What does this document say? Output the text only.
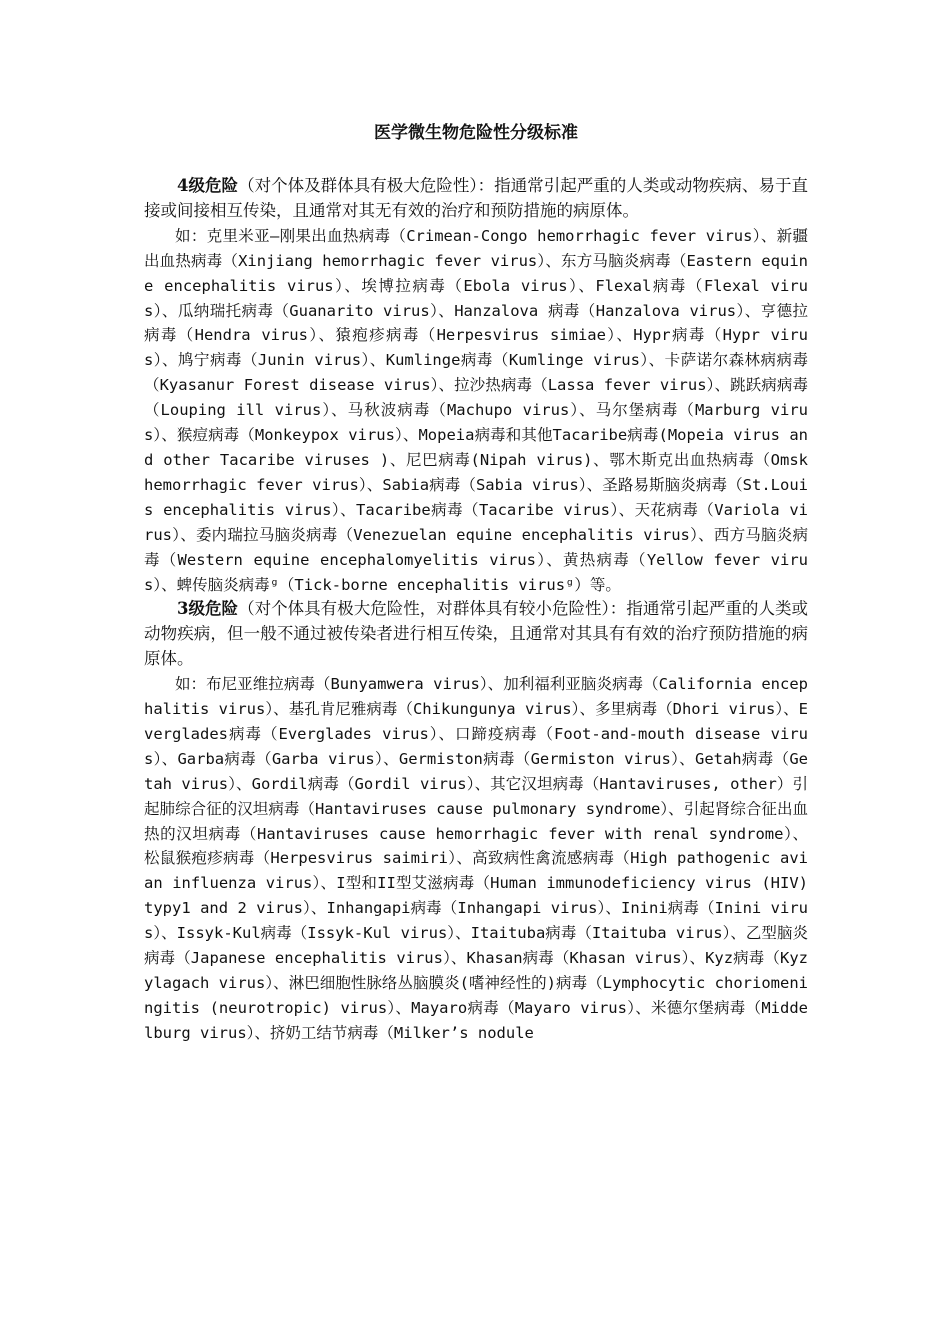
医学微生物危险性分级标准

4级危险（对个体及群体具有极大危险性）：指通常引起严重的人类或动物疾病、易于直接或间接相互传染，且通常对其无有效的治疗和预防措施的病原体。

如：克里米亚—刚果出血热病毒（Crimean-Congo hemorrhagic fever virus）、新疆出血热病毒（Xinjiang hemorrhagic fever virus）、东方马脑炎病毒（Eastern equine encephalitis virus）、埃博拉病毒（Ebola virus）、Flexal病毒（Flexal virus）、瓜纳瑞托病毒（Guanarito virus）、Hanzalova 病毒（Hanzalova virus）、亨德拉病毒（Hendra virus）、猿疱疹病毒（Herpesvirus simiae）、Hypr病毒（Hypr virus）、鸠宁病毒（Junin virus）、Kumlinge病毒（Kumlinge virus）、卡萨诺尔森林病病毒（Kyasanur Forest disease virus）、拉沙热病毒（Lassa fever virus）、跳跃病病毒（Louping ill virus）、马秋波病毒（Machupo virus）、马尔堡病毒（Marburg virus）、猴痘病毒（Monkeypox virus）、Mopeia病毒和其他Tacaribe病毒(Mopeia virus and other Tacaribe viruses )、尼巴病毒(Nipah virus)、鄂木斯克出血热病毒（Omsk hemorrhagic fever virus）、Sabia病毒（Sabia virus）、圣路易斯脑炎病毒（St.Louis encephalitis virus）、Tacaribe病毒（Tacaribe virus）、天花病毒（Variola virus）、委内瑞拉马脑炎病毒（Venezuelan equine encephalitis virus）、西方马脑炎病毒（Western equine encephalomyelitis virus）、黄热病毒（Yellow fever virus）、蜱传脑炎病毒ᵍ（Tick-borne encephalitis virusᵍ）等。

3级危险（对个体具有极大危险性，对群体具有较小危险性）：指通常引起严重的人类或动物疾病，但一般不通过被传染者进行相互传染，且通常对其具有有效的治疗预防措施的病原体。

如：布尼亚维拉病毒（Bunyamwera virus）、加利福利亚脑炎病毒（California encephalitis virus）、基孔肯尼雅病毒（Chikungunya virus）、多里病毒（Dhori virus）、Everglades病毒（Everglades virus）、口蹄疫病毒（Foot-and-mouth disease virus）、Garba病毒（Garba virus）、Germiston病毒（Germiston virus）、Getah病毒（Getah virus）、Gordil病毒（Gordil virus）、其它汉坦病毒（Hantaviruses, other）引起肺综合征的汉坦病毒（Hantaviruses cause pulmonary syndrome）、引起肾综合征出血热的汉坦病毒（Hantaviruses cause hemorrhagic fever with renal syndrome）、松鼠猴疱疹病毒（Herpesvirus saimiri）、高致病性禽流感病毒（High pathogenic avian influenza virus）、I型和II型艾滋病毒（Human immunodeficiency virus (HIV) typy1 and 2 virus）、Inhangapi病毒（Inhangapi virus）、Inini病毒（Inini virus）、Issyk-Kul病毒（Issyk-Kul virus）、Itaituba病毒（Itaituba virus）、乙型脑炎病毒（Japanese encephalitis virus）、Khasan病毒（Khasan virus）、Kyz病毒（Kyzylagach virus）、淋巴细胞性脉络丛脑膜炎(嗜神经性的)病毒（Lymphocytic choriomeningitis (neurotropic) virus）、Mayaro病毒（Mayaro virus）、米德尔堡病毒（Middelburg virus）、挤奶工结节病毒（Milker’s nodule
